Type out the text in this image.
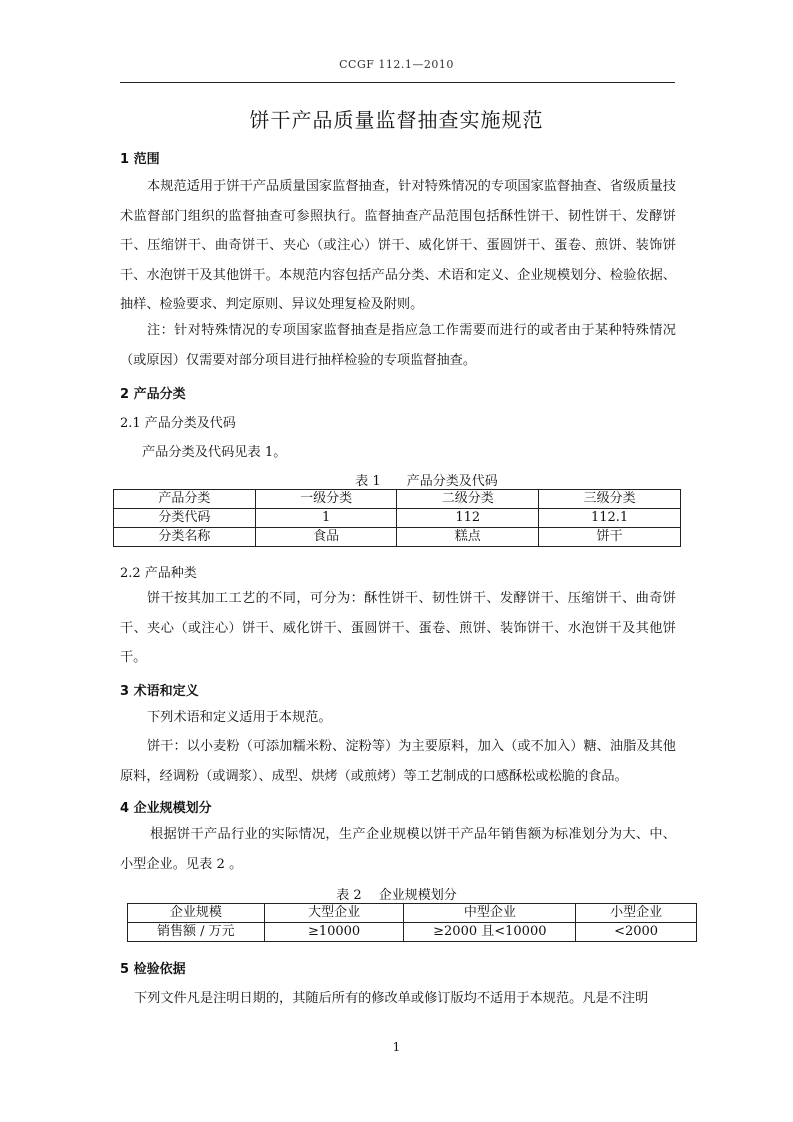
CCGF 112.1—2010
饼干产品质量监督抽查实施规范
1 范围

本规范适用于饼干产品质量国家监督抽查，针对特殊情况的专项国家监督抽查、省级质量技术监督部门组织的监督抽查可参照执行。监督抽查产品范围包括酥性饼干、韧性饼干、发酵饼干、压缩饼干、曲奇饼干、夹心（或注心）饼干、威化饼干、蛋圆饼干、蛋卷、煎饼、装饰饼干、水泡饼干及其他饼干。本规范内容包括产品分类、术语和定义、企业规模划分、检验依据、抽样、检验要求、判定原则、异议处理复检及附则。

注：针对特殊情况的专项国家监督抽查是指应急工作需要而进行的或者由于某种特殊情况（或原因）仅需要对部分项目进行抽样检验的专项监督抽查。

2 产品分类
2.1 产品分类及代码
产品分类及代码见表 1。
表 1　　产品分类及代码
产品分类	一级分类	二级分类	三级分类
分类代码	1	112	112.1
分类名称	食品	糕点	饼干
2.2 产品种类

饼干按其加工工艺的不同，可分为：酥性饼干、韧性饼干、发酵饼干、压缩饼干、曲奇饼干、夹心（或注心）饼干、威化饼干、蛋圆饼干、蛋卷、煎饼、装饰饼干、水泡饼干及其他饼干。

3 术语和定义

下列术语和定义适用于本规范。

饼干：以小麦粉（可添加糯米粉、淀粉等）为主要原料，加入（或不加入）糖、油脂及其他原料，经调粉（或调浆）、成型、烘烤（或煎烤）等工艺制成的口感酥松或松脆的食品。

4 企业规模划分

根据饼干产品行业的实际情况，生产企业规模以饼干产品年销售额为标准划分为大、中、小型企业。见表 2 。

表 2　 企业规模划分
企业规模	大型企业	中型企业	小型企业
销售额 / 万元	≥10000	≥2000 且<10000	<2000
5 检验依据
下列文件凡是注明日期的，其随后所有的修改单或修订版均不适用于本规范。凡是不注明
1
